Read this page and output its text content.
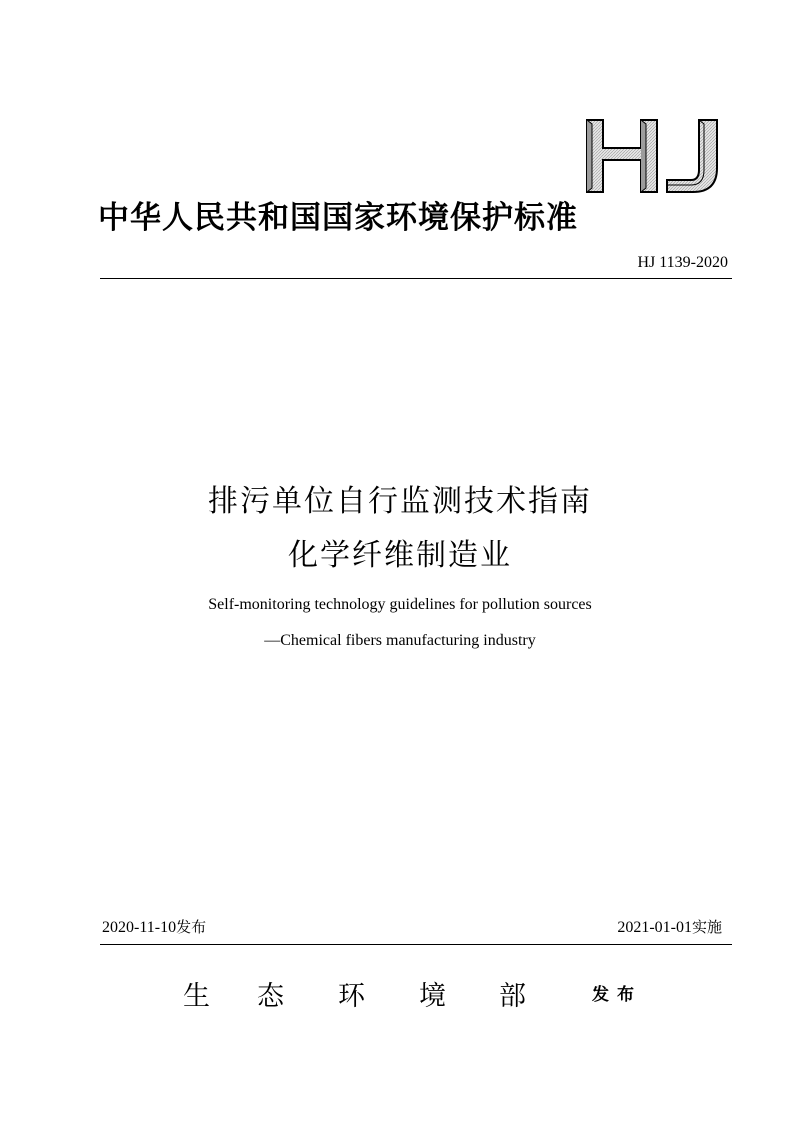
中华人民共和国国家环境保护标准
HJ 1139-2020
排污单位自行监测技术指南
化学纤维制造业
Self-monitoring technology guidelines for pollution sources
—Chemical fibers manufacturing industry
2020-11-10发布	2021-01-01实施
生 态 环 境 部	发布
